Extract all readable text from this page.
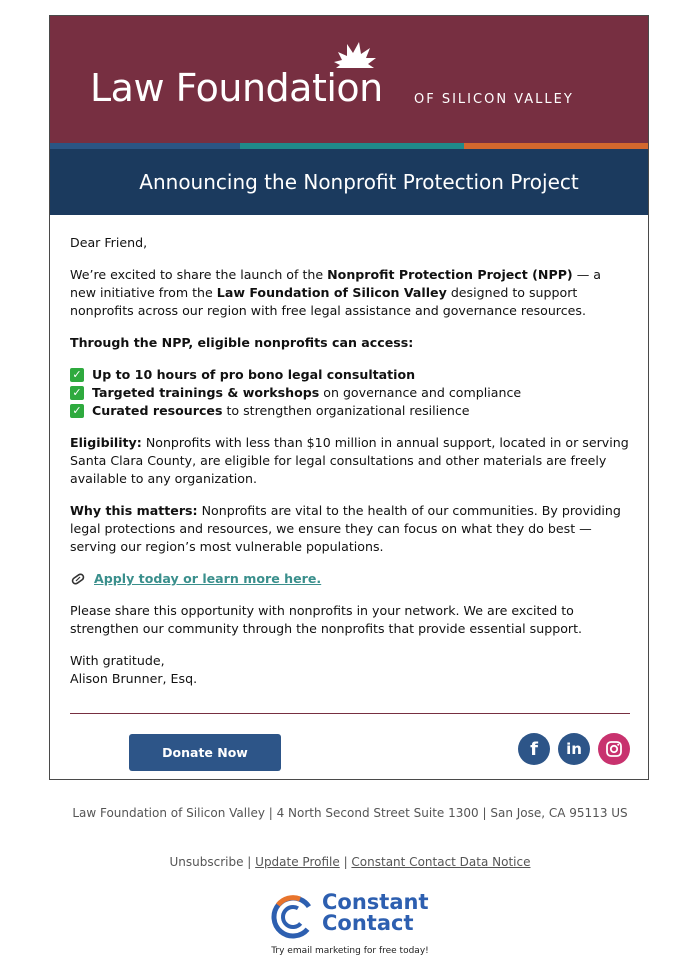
Law Foundation OF SILICON VALLEY
Announcing the Nonprofit Protection Project

Dear Friend,

We’re excited to share the launch of the Nonprofit Protection Project (NPP) — a new initiative from the Law Foundation of Silicon Valley designed to support nonprofits across our region with free legal assistance and governance resources.

Through the NPP, eligible nonprofits can access:

✓ Up to 10 hours of pro bono legal consultation
✓ Targeted trainings & workshops on governance and compliance
✓ Curated resources to strengthen organizational resilience

Eligibility: Nonprofits with less than $10 million in annual support, located in or serving Santa Clara County, are eligible for legal consultations and other materials are freely available to any organization.

Why this matters: Nonprofits are vital to the health of our communities. By providing legal protections and resources, we ensure they can focus on what they do best — serving our region’s most vulnerable populations.

Apply today or learn more here.

Please share this opportunity with nonprofits in your network. We are excited to strengthen our community through the nonprofits that provide essential support.

With gratitude,
Alison Brunner, Esq.

Donate Now	f	in
Law Foundation of Silicon Valley | 4 North Second Street Suite 1300 | San Jose, CA 95113 US
Unsubscribe | Update Profile | Constant Contact Data Notice
Constant
Contact
Try email marketing for free today!
